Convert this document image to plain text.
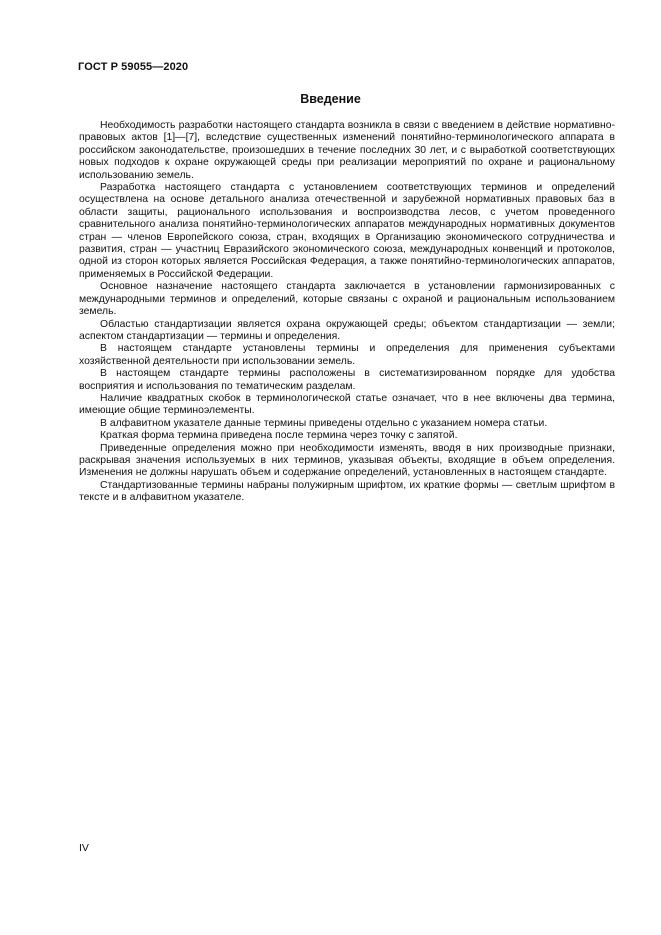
ГОСТ Р 59055—2020
Введение

Необходимость разработки настоящего стандарта возникла в связи с введением в действие нормативно-правовых актов [1]—[7], вследствие существенных изменений понятийно-терминологического аппарата в российском законодательстве, произошедших в течение последних 30 лет, и с выработкой соответствующих новых подходов к охране окружающей среды при реализации мероприятий по охране и рациональному использованию земель.

Разработка настоящего стандарта с установлением соответствующих терминов и определений осуществлена на основе детального анализа отечественной и зарубежной нормативных правовых баз в области защиты, рационального использования и воспроизводства лесов, с учетом проведенного сравнительного анализа понятийно-терминологических аппаратов международных нормативных документов стран — членов Европейского союза, стран, входящих в Организацию экономического сотрудничества и развития, стран — участниц Евразийского экономического союза, международных конвенций и протоколов, одной из сторон которых является Российская Федерация, а также понятийно-терминологических аппаратов, применяемых в Российской Федерации.

Основное назначение настоящего стандарта заключается в установлении гармонизированных с международными терминов и определений, которые связаны с охраной и рациональным использованием земель.

Областью стандартизации является охрана окружающей среды; объектом стандартизации — земли; аспектом стандартизации — термины и определения.

В настоящем стандарте установлены термины и определения для применения субъектами хозяйственной деятельности при использовании земель.

В настоящем стандарте термины расположены в систематизированном порядке для удобства восприятия и использования по тематическим разделам.

Наличие квадратных скобок в терминологической статье означает, что в нее включены два термина, имеющие общие терминоэлементы.

В алфавитном указателе данные термины приведены отдельно с указанием номера статьи.

Краткая форма термина приведена после термина через точку с запятой.

Приведенные определения можно при необходимости изменять, вводя в них производные признаки, раскрывая значения используемых в них терминов, указывая объекты, входящие в объем определения. Изменения не должны нарушать объем и содержание определений, установленных в настоящем стандарте.

Стандартизованные термины набраны полужирным шрифтом, их краткие формы — светлым шрифтом в тексте и в алфавитном указателе.

IV
